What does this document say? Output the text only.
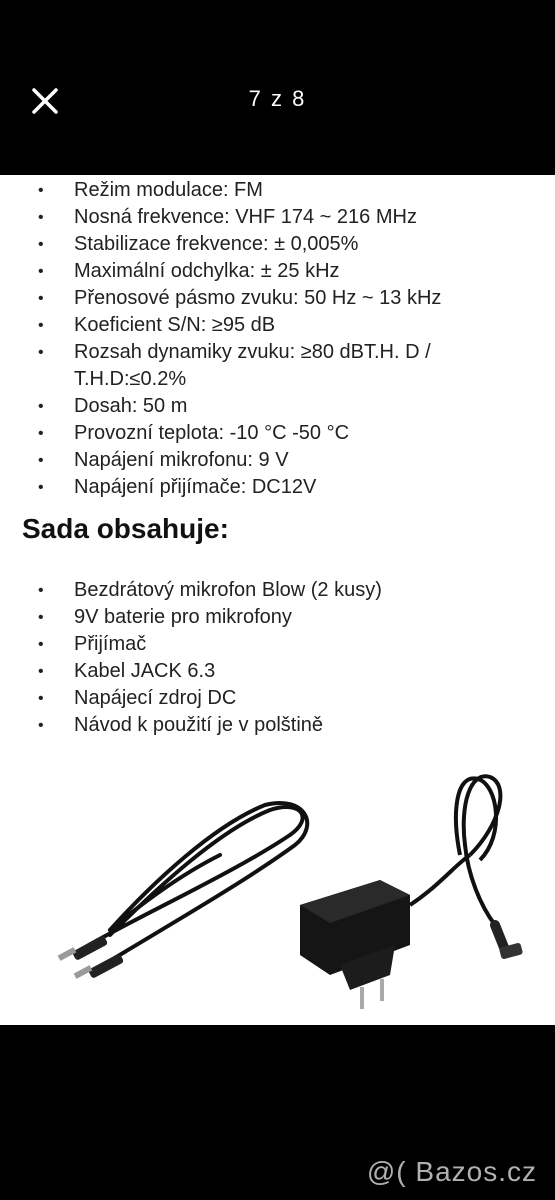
7 z 8
• Režim modulace: FM
• Nosná frekvence: VHF 174 ~ 216 MHz
• Stabilizace frekvence: ± 0,005%
• Maximální odchylka: ± 25 kHz
• Přenosové pásmo zvuku: 50 Hz ~ 13 kHz
• Koeficient S/N: ≥95 dB
• Rozsah dynamiky zvuku: ≥80 dBT.H. D / T.H.D:≤0.2%
• Dosah: 50 m
• Provozní teplota: -10 °C -50 °C
• Napájení mikrofonu: 9 V
• Napájení přijímače: DC12V
Sada obsahuje:
• Bezdrátový mikrofon Blow (2 kusy)
• 9V baterie pro mikrofony
• Přijímač
• Kabel JACK 6.3
• Napájecí zdroj DC
• Návod k použití je v polštině
@( Bazos.cz
